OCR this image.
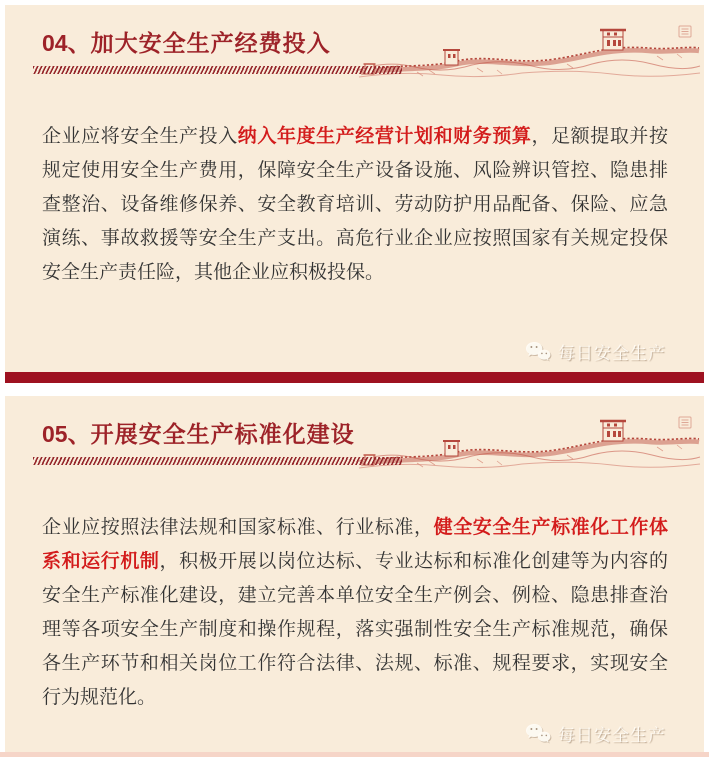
04、加大安全生产经费投入

企业应将安全生产投入纳入年度生产经营计划和财务预算，足额提取并按规定使用安全生产费用，保障安全生产设备设施、风险辨识管控、隐患排查整治、设备维修保养、安全教育培训、劳动防护用品配备、保险、应急演练、事故救援等安全生产支出。高危行业企业应按照国家有关规定投保安全生产责任险，其他企业应积极投保。

每日安全生产
05、开展安全生产标准化建设

企业应按照法律法规和国家标准、行业标准，健全安全生产标准化工作体系和运行机制，积极开展以岗位达标、专业达标和标准化创建等为内容的安全生产标准化建设，建立完善本单位安全生产例会、例检、隐患排查治理等各项安全生产制度和操作规程，落实强制性安全生产标准规范，确保各生产环节和相关岗位工作符合法律、法规、标准、规程要求，实现安全行为规范化。

每日安全生产
